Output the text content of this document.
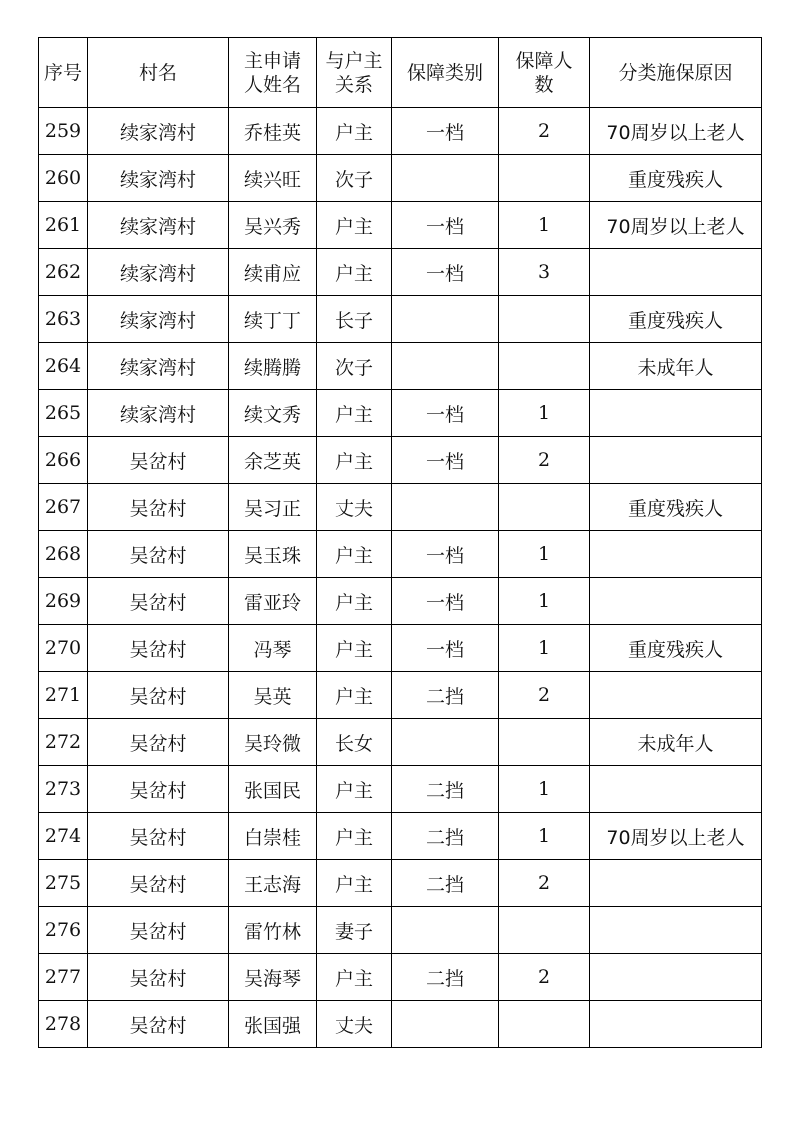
序号	村名	主申请人姓名	与户主关系	保障类别	保障人数	分类施保原因
259	续家湾村	乔桂英	户主	一档	2	70周岁以上老人
260	续家湾村	续兴旺	次子			重度残疾人
261	续家湾村	吴兴秀	户主	一档	1	70周岁以上老人
262	续家湾村	续甫应	户主	一档	3	
263	续家湾村	续丁丁	长子			重度残疾人
264	续家湾村	续腾腾	次子			未成年人
265	续家湾村	续文秀	户主	一档	1	
266	吴岔村	余芝英	户主	一档	2	
267	吴岔村	吴习正	丈夫			重度残疾人
268	吴岔村	吴玉珠	户主	一档	1	
269	吴岔村	雷亚玲	户主	一档	1	
270	吴岔村	冯琴	户主	一档	1	重度残疾人
271	吴岔村	吴英	户主	二挡	2	
272	吴岔村	吴玲微	长女			未成年人
273	吴岔村	张国民	户主	二挡	1	
274	吴岔村	白崇桂	户主	二挡	1	70周岁以上老人
275	吴岔村	王志海	户主	二挡	2	
276	吴岔村	雷竹林	妻子			
277	吴岔村	吴海琴	户主	二挡	2	
278	吴岔村	张国强	丈夫			
